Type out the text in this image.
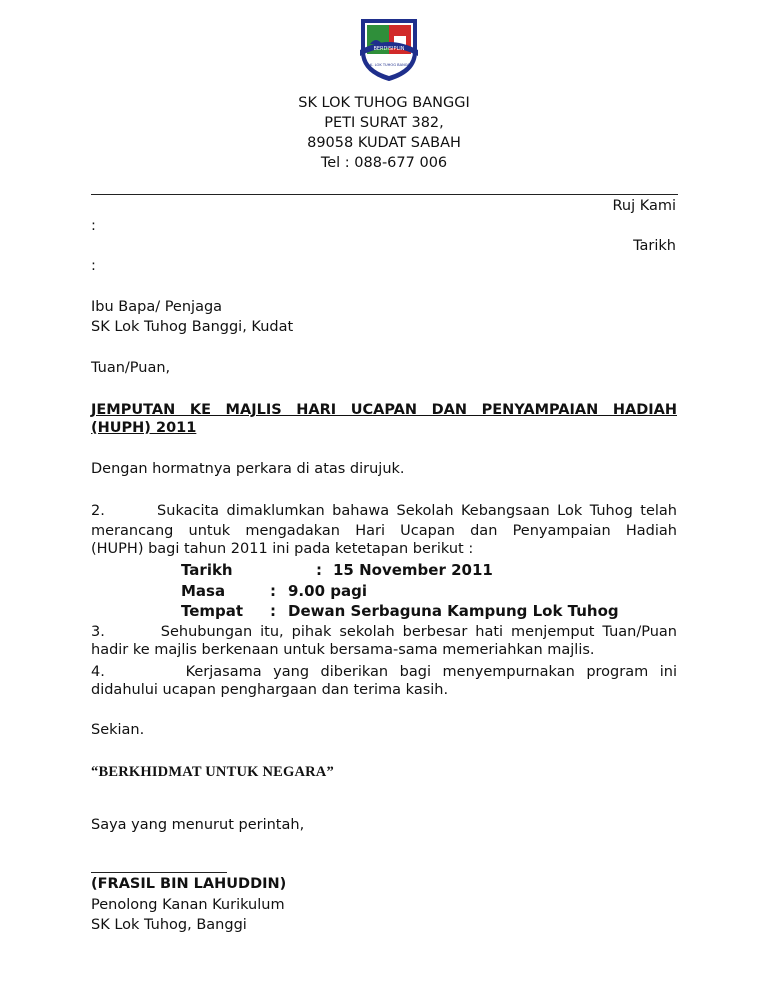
BERDISIPLIN
S.K. LOK TUHOG BANGGI
SK LOK TUHOG BANGGI
PETI SURAT 382,
89058 KUDAT SABAH
Tel : 088-677 006
Ruj Kami
:
Tarikh
:
Ibu Bapa/ Penjaga
SK Lok Tuhog Banggi, Kudat
Tuan/Puan,
JEMPUTAN KE MAJLIS HARI UCAPAN DAN PENYAMPAIAN HADIAH
(HUPH) 2011
Dengan hormatnya perkara di atas dirujuk.
2.       Sukacita dimaklumkan bahawa Sekolah Kebangsaan Lok Tuhog telah
merancang untuk mengadakan Hari Ucapan dan Penyampaian Hadiah
(HUPH) bagi tahun 2011 ini pada ketetapan berikut :
Tarikh	: 15 November 2011
Masa	: 9.00 pagi
Tempat : Dewan Serbaguna Kampung Lok Tuhog
3.       Sehubungan itu, pihak sekolah berbesar hati menjemput Tuan/Puan
hadir ke majlis berkenaan untuk bersama-sama memeriahkan majlis.
4.       Kerjasama yang diberikan bagi menyempurnakan program ini
didahului ucapan penghargaan dan terima kasih.
Sekian.
“BERKHIDMAT UNTUK NEGARA”
Saya yang menurut perintah,
(FRASIL BIN LAHUDDIN)
Penolong Kanan Kurikulum
SK Lok Tuhog, Banggi
